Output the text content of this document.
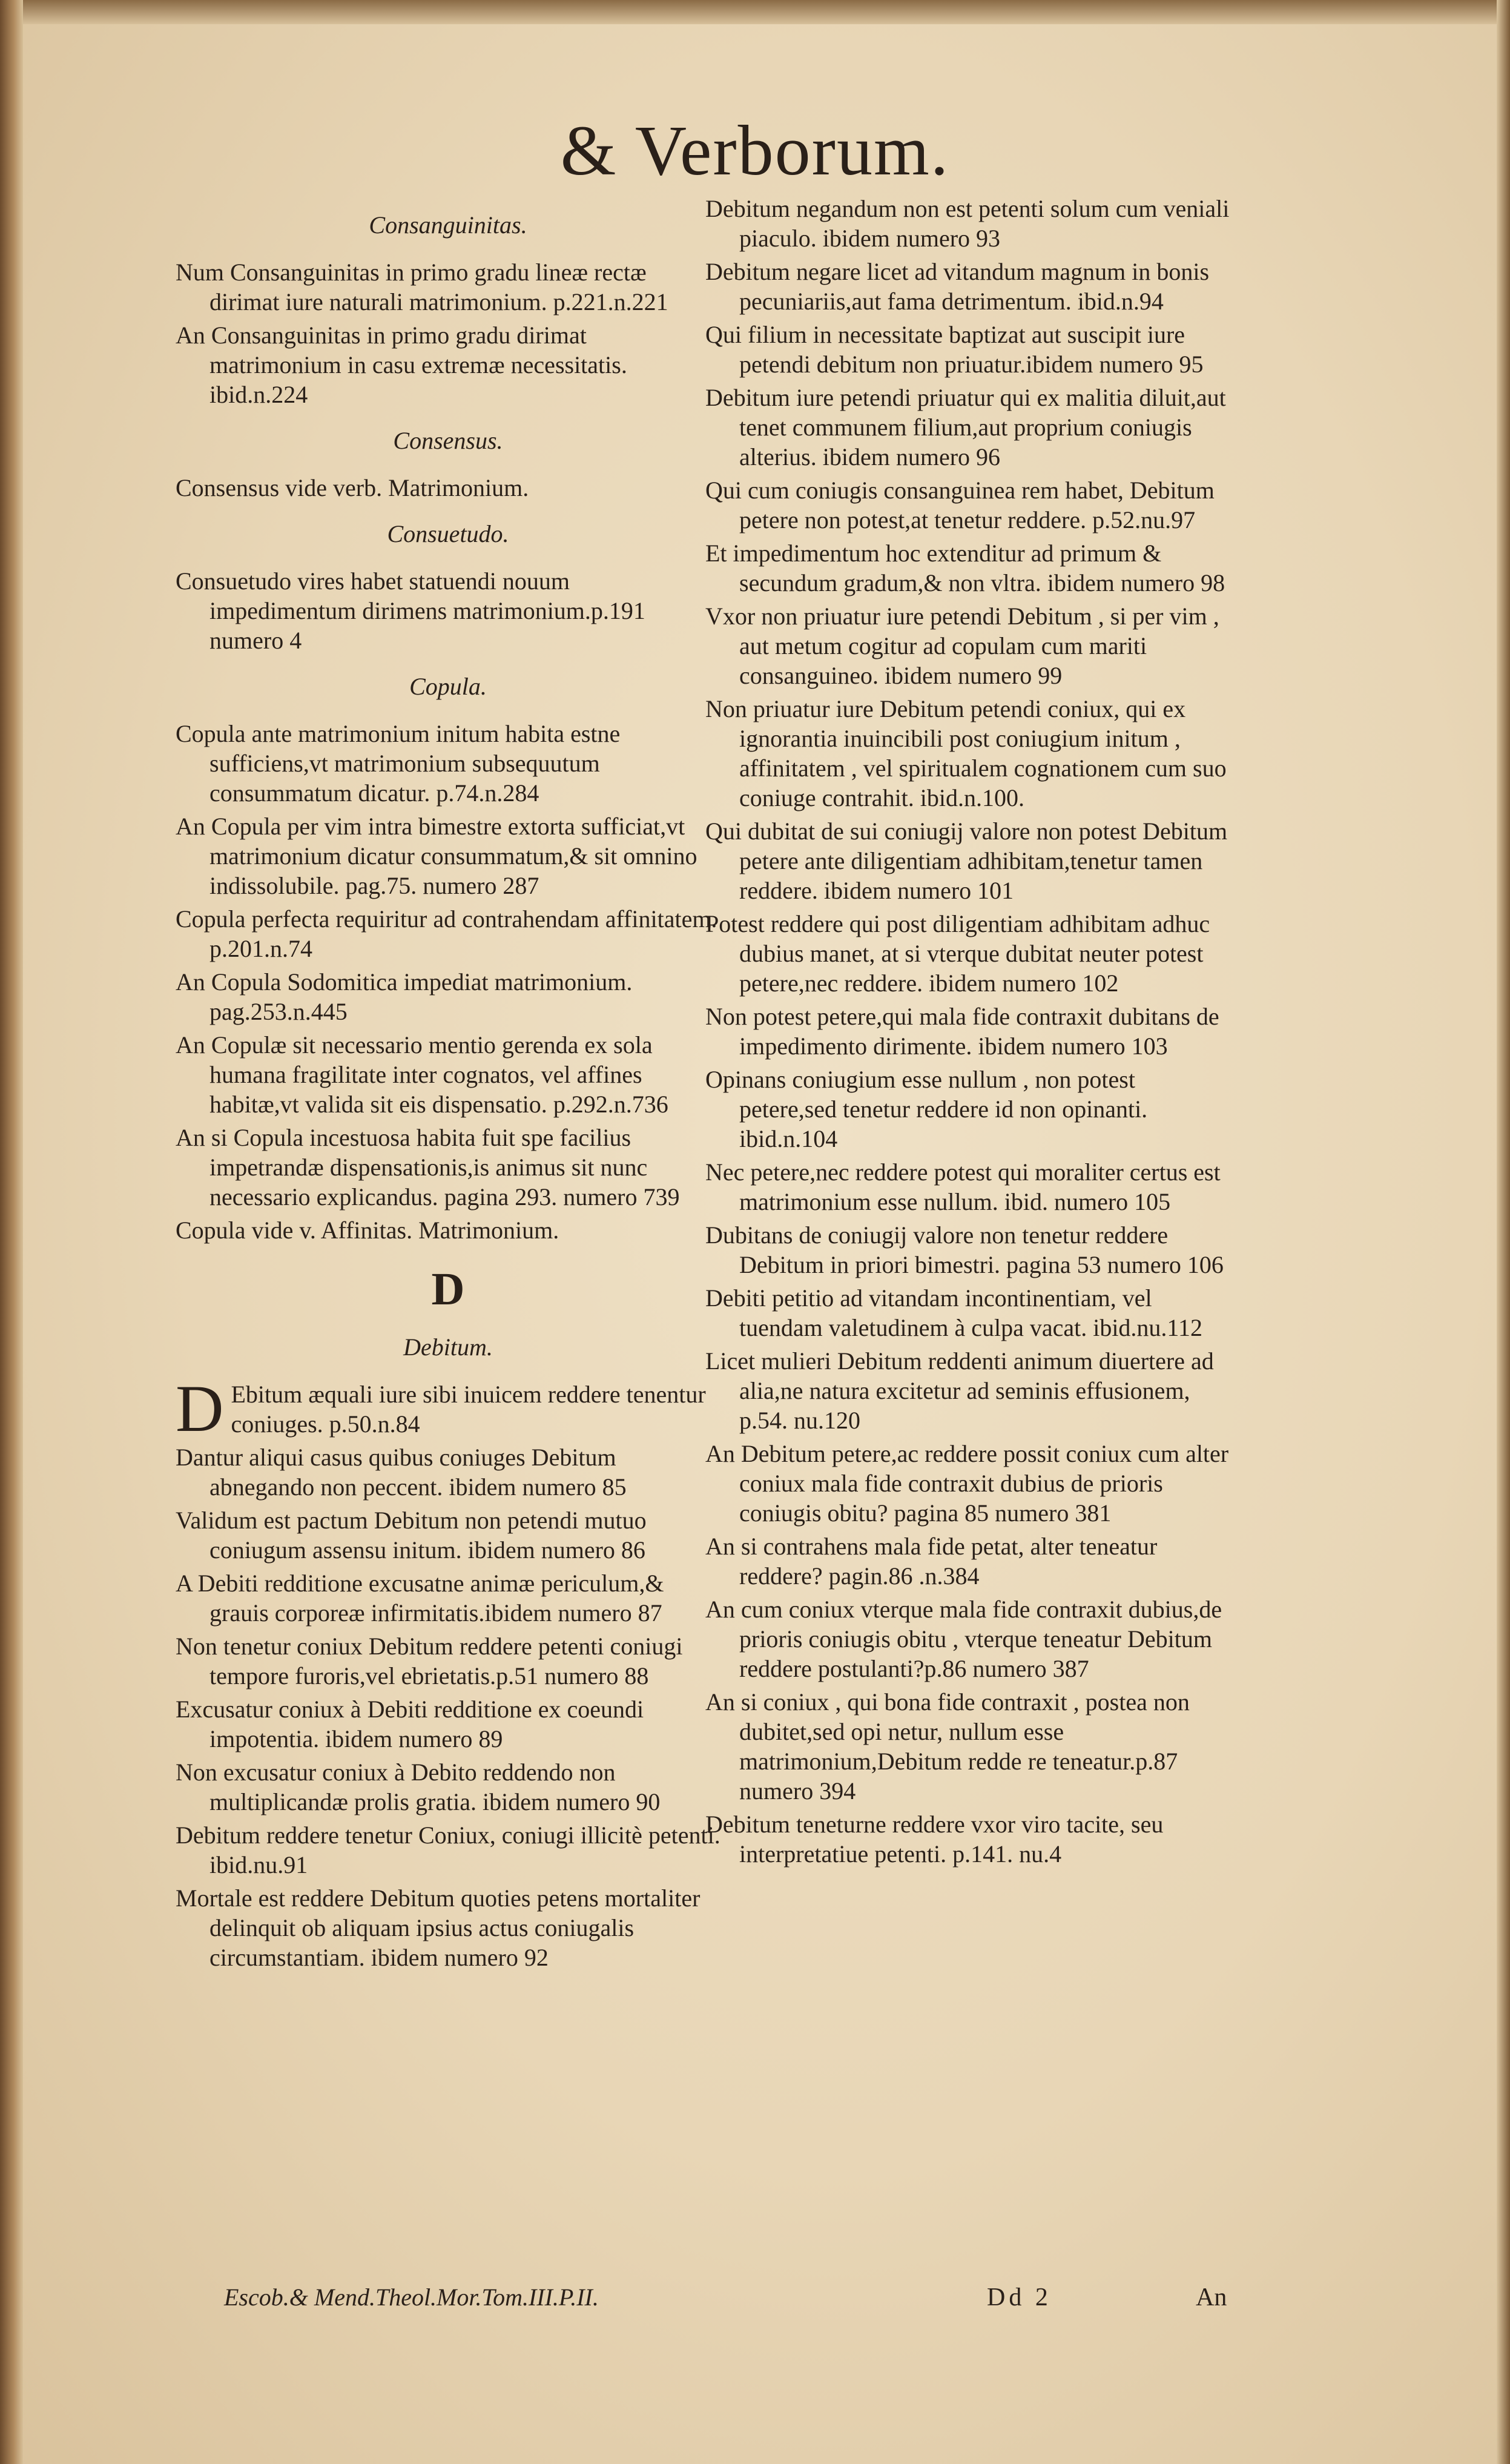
& Verborum.
Consanguinitas.
Num Consanguinitas in primo gradu lineæ rectæ dirimat iure naturali matrimonium. p.221.n.221
An Consanguinitas in primo gradu dirimat matrimonium in casu extremæ necessitatis. ibid.n.224
Consensus.
Consensus vide verb. Matrimonium.
Consuetudo.
Consuetudo vires habet statuendi nouum impedimentum dirimens matrimonium.p.191 numero 4
Copula.
Copula ante matrimonium initum habita estne sufficiens,vt matrimonium subsequutum consummatum dicatur. p.74.n.284
An Copula per vim intra bimestre extorta sufficiat,vt matrimonium dicatur consummatum,& sit omnino indissolubile. pag.75. numero 287
Copula perfecta requiritur ad contrahendam affinitatem. p.201.n.74
An Copula Sodomitica impediat matrimonium. pag.253.n.445
An Copulæ sit necessario mentio gerenda ex sola humana fragilitate inter cognatos, vel affines habitæ,vt valida sit eis dispensatio. p.292.n.736
An si Copula incestuosa habita fuit spe facilius impetrandæ dispensationis,is animus sit nunc necessario explicandus. pagina 293. numero 739
Copula vide v. Affinitas. Matrimonium.
D
Debitum.
D Ebitum æquali iure sibi inuicem reddere tenentur coniuges. p.50.n.84
Dantur aliqui casus quibus coniuges Debitum abnegando non peccent. ibidem numero 85
Validum est pactum Debitum non petendi mutuo coniugum assensu initum. ibidem numero 86
A Debiti redditione excusatne animæ periculum,& grauis corporeæ infirmitatis.ibidem numero 87
Non tenetur coniux Debitum reddere petenti coniugi tempore furoris,vel ebrietatis.p.51 numero 88
Excusatur coniux à Debiti redditione ex coeundi impotentia. ibidem numero 89
Non excusatur coniux à Debito reddendo non multiplicandæ prolis gratia. ibidem numero 90
Debitum reddere tenetur Coniux, coniugi illicitè petenti. ibid.nu.91
Mortale est reddere Debitum quoties petens mortaliter delinquit ob aliquam ipsius actus coniugalis circumstantiam. ibidem numero 92
Debitum negandum non est petenti solum cum veniali piaculo. ibidem numero 93
Debitum negare licet ad vitandum magnum in bonis pecuniariis,aut fama detrimentum. ibid.n.94
Qui filium in necessitate baptizat aut suscipit iure petendi debitum non priuatur.ibidem numero 95
Debitum iure petendi priuatur qui ex malitia diluit,aut tenet communem filium,aut proprium coniugis alterius. ibidem numero 96
Qui cum coniugis consanguinea rem habet, Debitum petere non potest,at tenetur reddere. p.52.nu.97
Et impedimentum hoc extenditur ad primum & secundum gradum,& non vltra. ibidem numero 98
Vxor non priuatur iure petendi Debitum , si per vim , aut metum cogitur ad copulam cum mariti consanguineo. ibidem numero 99
Non priuatur iure Debitum petendi coniux, qui ex ignorantia inuincibili post coniugium initum , affinitatem , vel spiritualem cognationem cum suo coniuge contrahit. ibid.n.100.
Qui dubitat de sui coniugij valore non potest Debitum petere ante diligentiam adhibitam,tenetur tamen reddere. ibidem numero 101
Potest reddere qui post diligentiam adhibitam adhuc dubius manet, at si vterque dubitat neuter potest petere,nec reddere. ibidem numero 102
Non potest petere,qui mala fide contraxit dubitans de impedimento dirimente. ibidem numero 103
Opinans coniugium esse nullum , non potest petere,sed tenetur reddere id non opinanti. ibid.n.104
Nec petere,nec reddere potest qui moraliter certus est matrimonium esse nullum. ibid. numero 105
Dubitans de coniugij valore non tenetur reddere Debitum in priori bimestri. pagina 53 numero 106
Debiti petitio ad vitandam incontinentiam, vel tuendam valetudinem à culpa vacat. ibid.nu.112
Licet mulieri Debitum reddenti animum diuertere ad alia,ne natura excitetur ad seminis effusionem, p.54. nu.120
An Debitum petere,ac reddere possit coniux cum alter coniux mala fide contraxit dubius de prioris coniugis obitu? pagina 85 numero 381
An si contrahens mala fide petat, alter teneatur reddere? pagin.86 .n.384
An cum coniux vterque mala fide contraxit dubius,de prioris coniugis obitu , vterque teneatur Debitum reddere postulanti?p.86 numero 387
An si coniux , qui bona fide contraxit , postea non dubitet,sed opi netur, nullum esse matrimonium,Debitum redde re teneatur.p.87 numero 394
Debitum teneturne reddere vxor viro tacite, seu interpretatiue petenti. p.141. nu.4
Escob.& Mend.Theol.Mor.Tom.III.P.II.	Dd 2	An
